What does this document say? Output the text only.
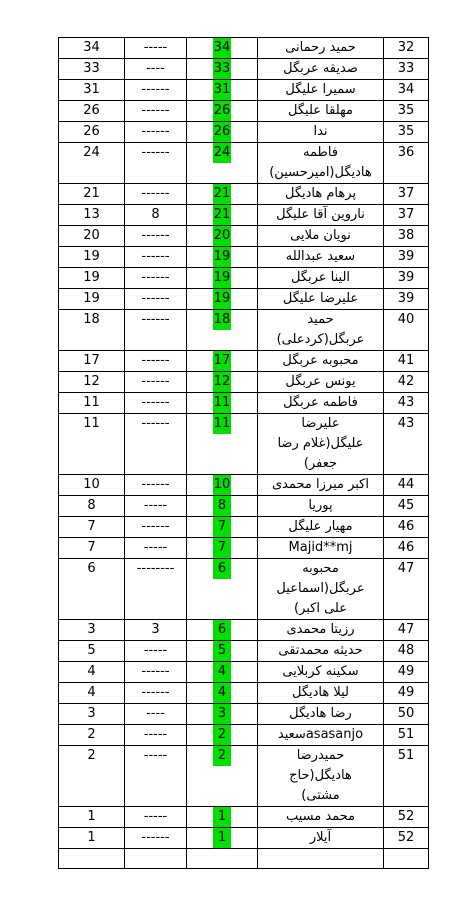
34	-----	34	حمید رحمانی	32
33	----	33	صدیقه عربگل	33
31	------	31	سمیرا علیگل	34
26	------	26	مهلقا علیگل	35
26	------	26	ندا	35
24	------	24	فاطمه
هادیگل(امیرحسین)	36
21	------	21	پرهام هادیگل	37
13	8	21	ناروین آقا علیگل	37
20	------	20	نویان ملایی	38
19	------	19	سعید عبدالله	39
19	------	19	الینا عربگل	39
19	------	19	علیرضا علیگل	39
18	------	18	حمید
عربگل(کردعلی)	40
17	------	17	محبوبه عربگل	41
12	------	12	یونس عربگل	42
11	------	11	فاطمه عربگل	43
11	------	11	علیرضا
علیگل(غلام رضا
جعفر)	43
10	------	10	اکبر میرزا محمدی	44
8	-----	8	پوریا	45
7	------	7	مهیار علیگل	46
7	-----	7	Majid**mj	46
6	--------	6	محبوبه
عربگل(اسماعیل
علی اکبر)	47
3	3	6	رزیتا محمدی	47
5	-----	5	حدیثه محمدتقی	48
4	------	4	سکینه کربلایی	49
4	------	4	لیلا هادیگل	49
3	----	3	رضا هادیگل	50
2	-----	2	asasanjoسعید	51
2	-----	2	حمیدرضا
هادیگل(حاج
مشتی)	51
1	-----	1	محمد مسیب	52
1	------	1	آیلار	52
